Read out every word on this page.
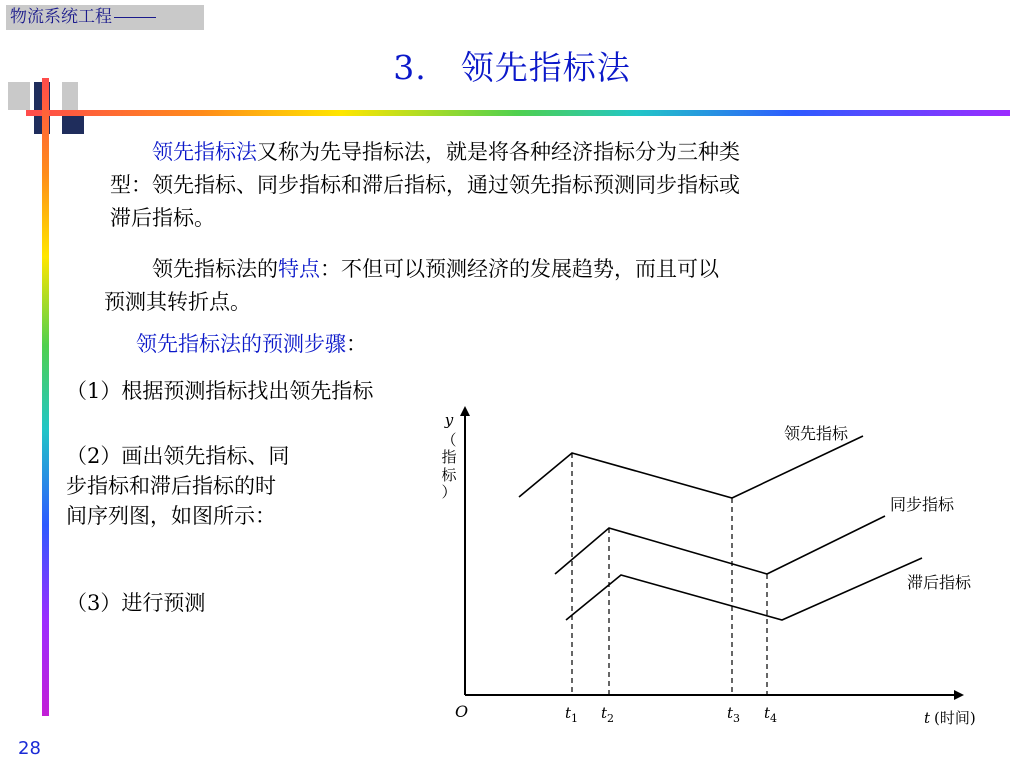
物流系统工程
3.　领先指标法
领先指标法又称为先导指标法，就是将各种经济指标分为三种类
型：领先指标、同步指标和滞后指标，通过领先指标预测同步指标或
滞后指标。
领先指标法的特点：不但可以预测经济的发展趋势，而且可以
预测其转折点。
领先指标法的预测步骤：
（1）根据预测指标找出领先指标
（2）画出领先指标、同
步指标和滞后指标的时
间序列图，如图所示：
（3）进行预测
y
（
指
标
）
O	t (时间)
$t_1$ $t_2$	$t_3$ $t_4$
领先指标
同步指标
滞后指标
28
